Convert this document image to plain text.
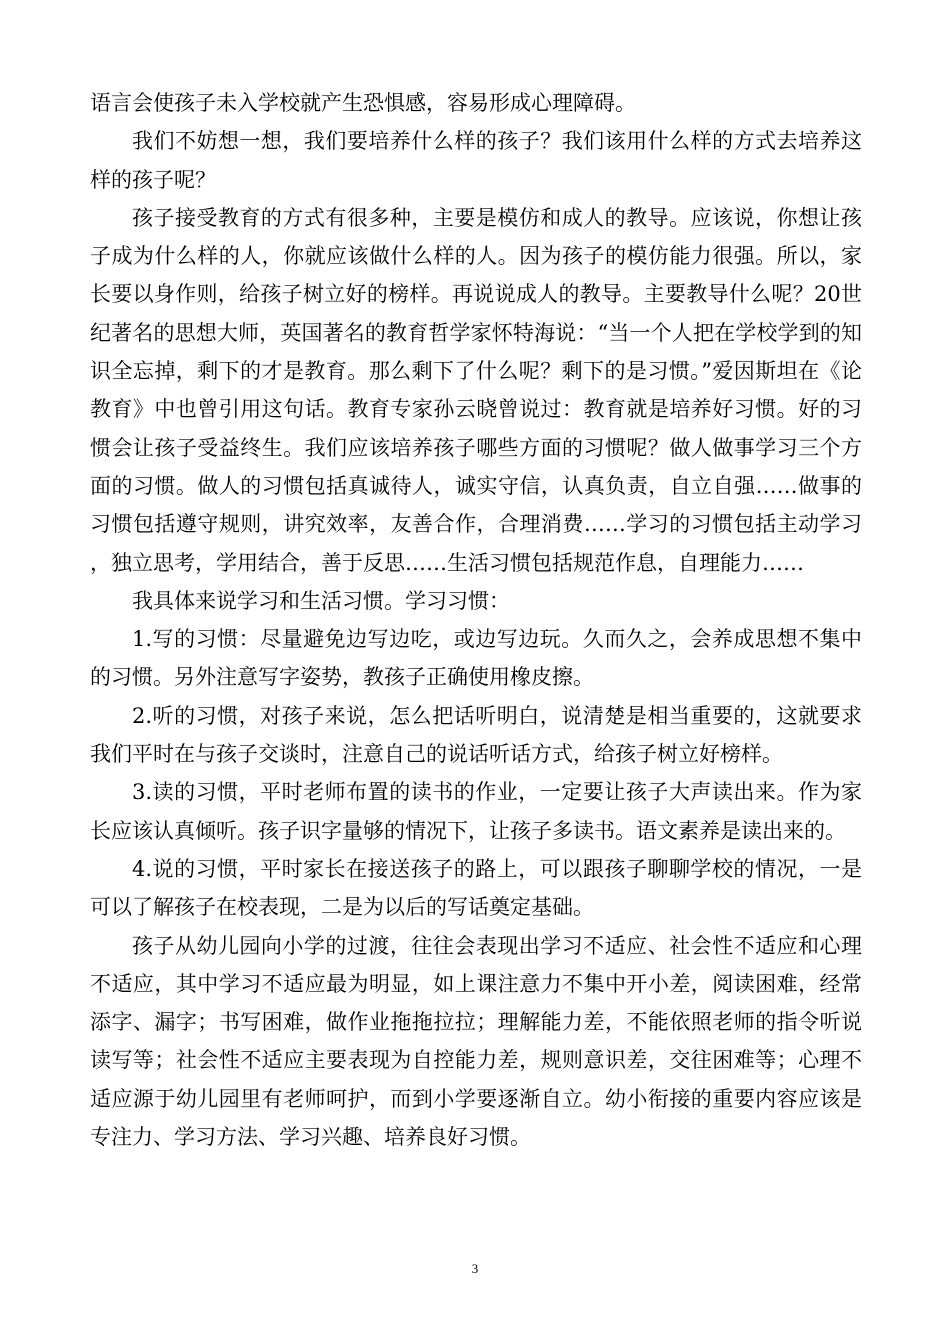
语言会使孩子未入学校就产生恐惧感，容易形成心理障碍。

我们不妨想一想，我们要培养什么样的孩子？我们该用什么样的方式去培养这样的孩子呢？

孩子接受教育的方式有很多种，主要是模仿和成人的教导。应该说，你想让孩子成为什么样的人，你就应该做什么样的人。因为孩子的模仿能力很强。所以，家长要以身作则，给孩子树立好的榜样。再说说成人的教导。主要教导什么呢？20世纪著名的思想大师，英国著名的教育哲学家怀特海说：“当一个人把在学校学到的知识全忘掉，剩下的才是教育。那么剩下了什么呢？剩下的是习惯。”爱因斯坦在《论教育》中也曾引用这句话。教育专家孙云晓曾说过：教育就是培养好习惯。好的习惯会让孩子受益终生。我们应该培养孩子哪些方面的习惯呢？做人做事学习三个方面的习惯。做人的习惯包括真诚待人，诚实守信，认真负责，自立自强……做事的习惯包括遵守规则，讲究效率，友善合作，合理消费……学习的习惯包括主动学习，独立思考，学用结合，善于反思……生活习惯包括规范作息，自理能力……

我具体来说学习和生活习惯。学习习惯：

1.写的习惯：尽量避免边写边吃，或边写边玩。久而久之，会养成思想不集中的习惯。另外注意写字姿势，教孩子正确使用橡皮擦。

2.听的习惯，对孩子来说，怎么把话听明白，说清楚是相当重要的，这就要求我们平时在与孩子交谈时，注意自己的说话听话方式，给孩子树立好榜样。

3.读的习惯，平时老师布置的读书的作业，一定要让孩子大声读出来。作为家长应该认真倾听。孩子识字量够的情况下，让孩子多读书。语文素养是读出来的。

4.说的习惯，平时家长在接送孩子的路上，可以跟孩子聊聊学校的情况，一是可以了解孩子在校表现，二是为以后的写话奠定基础。

孩子从幼儿园向小学的过渡，往往会表现出学习不适应、社会性不适应和心理不适应，其中学习不适应最为明显，如上课注意力不集中开小差，阅读困难，经常添字、漏字；书写困难，做作业拖拖拉拉；理解能力差，不能依照老师的指令听说读写等；社会性不适应主要表现为自控能力差，规则意识差，交往困难等；心理不适应源于幼儿园里有老师呵护，而到小学要逐渐自立。幼小衔接的重要内容应该是专注力、学习方法、学习兴趣、培养良好习惯。

3
